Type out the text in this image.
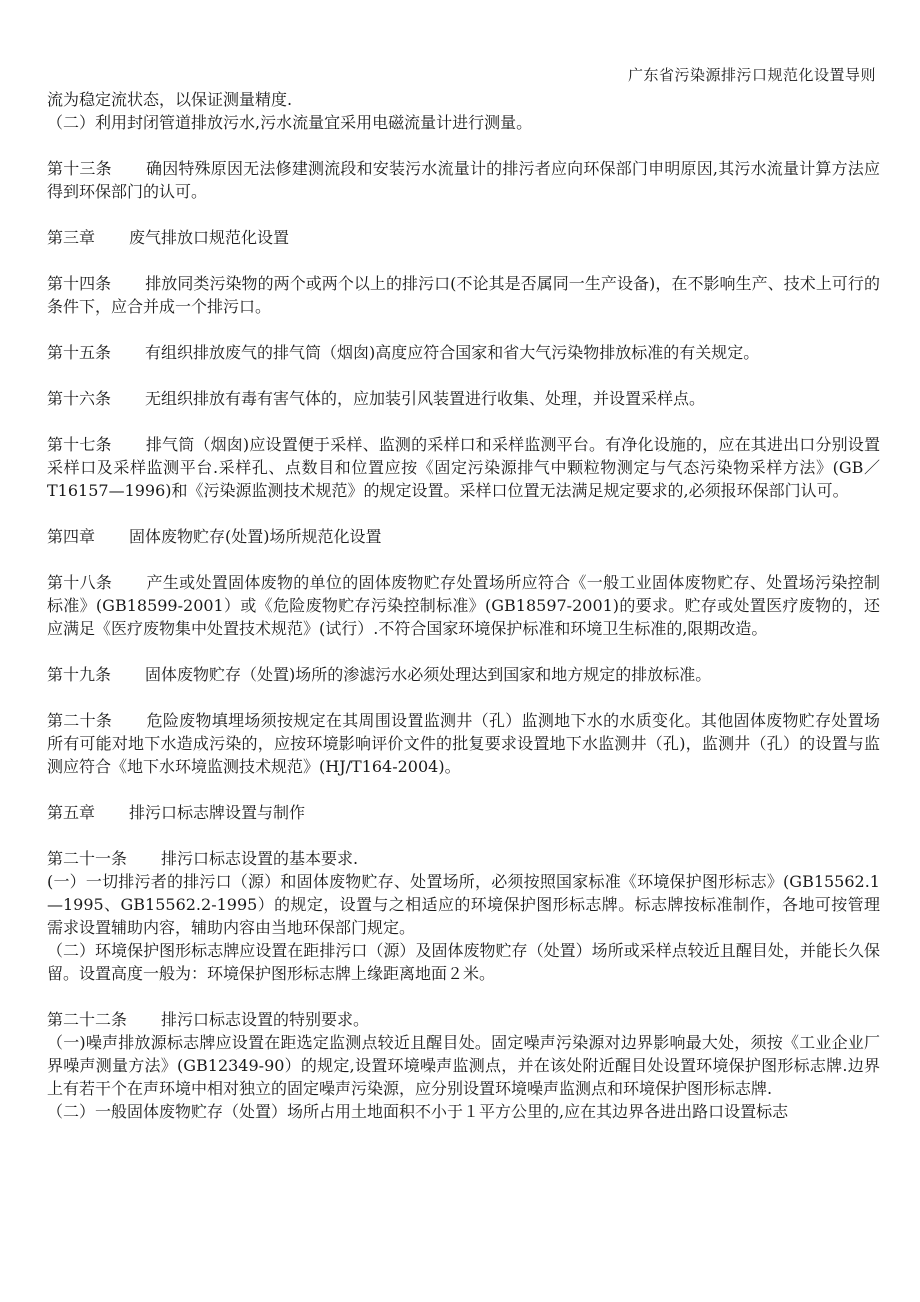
广东省污染源排污口规范化设置导则

流为稳定流状态，以保证测量精度.

（二）利用封闭管道排放污水,污水流量宜采用电磁流量计进行测量。

第十三条 确因特殊原因无法修建测流段和安装污水流量计的排污者应向环保部门申明原因,其污水流量计算方法应得到环保部门的认可。

第三章 废气排放口规范化设置

第十四条 排放同类污染物的两个或两个以上的排污口(不论其是否属同一生产设备)，在不影响生产、技术上可行的条件下，应合并成一个排污口。

第十五条 有组织排放废气的排气筒（烟囱)高度应符合国家和省大气污染物排放标准的有关规定。

第十六条 无组织排放有毒有害气体的，应加装引风装置进行收集、处理，并设置采样点。

第十七条 排气筒（烟囱)应设置便于采样、监测的采样口和采样监测平台。有净化设施的，应在其进出口分别设置采样口及采样监测平台.采样孔、点数目和位置应按《固定污染源排气中颗粒物测定与气态污染物采样方法》(GB／T16157—1996)和《污染源监测技术规范》的规定设置。采样口位置无法满足规定要求的,必须报环保部门认可。

第四章 固体废物贮存(处置)场所规范化设置

第十八条 产生或处置固体废物的单位的固体废物贮存处置场所应符合《一般工业固体废物贮存、处置场污染控制标准》(GB18599-2001）或《危险废物贮存污染控制标准》(GB18597-2001)的要求。贮存或处置医疗废物的，还应满足《医疗废物集中处置技术规范》(试行）.不符合国家环境保护标准和环境卫生标准的,限期改造。

第十九条 固体废物贮存（处置)场所的渗滤污水必须处理达到国家和地方规定的排放标准。

第二十条 危险废物填埋场须按规定在其周围设置监测井（孔）监测地下水的水质变化。其他固体废物贮存处置场所有可能对地下水造成污染的，应按环境影响评价文件的批复要求设置地下水监测井（孔)，监测井（孔）的设置与监测应符合《地下水环境监测技术规范》(HJ/T164-2004)。

第五章 排污口标志牌设置与制作

第二十一条 排污口标志设置的基本要求.

(一）一切排污者的排污口（源）和固体废物贮存、处置场所，必须按照国家标准《环境保护图形标志》(GB15562.1—1995、GB15562.2-1995）的规定，设置与之相适应的环境保护图形标志牌。标志牌按标准制作，各地可按管理需求设置辅助内容，辅助内容由当地环保部门规定。

（二）环境保护图形标志牌应设置在距排污口（源）及固体废物贮存（处置）场所或采样点较近且醒目处，并能长久保留。设置高度一般为：环境保护图形标志牌上缘距离地面２米。

第二十二条 排污口标志设置的特别要求。

（一)噪声排放源标志牌应设置在距选定监测点较近且醒目处。固定噪声污染源对边界影响最大处，须按《工业企业厂界噪声测量方法》(GB12349-90）的规定,设置环境噪声监测点，并在该处附近醒目处设置环境保护图形标志牌.边界上有若干个在声环境中相对独立的固定噪声污染源，应分别设置环境噪声监测点和环境保护图形标志牌.

（二）一般固体废物贮存（处置）场所占用土地面积不小于１平方公里的,应在其边界各进出路口设置标志
